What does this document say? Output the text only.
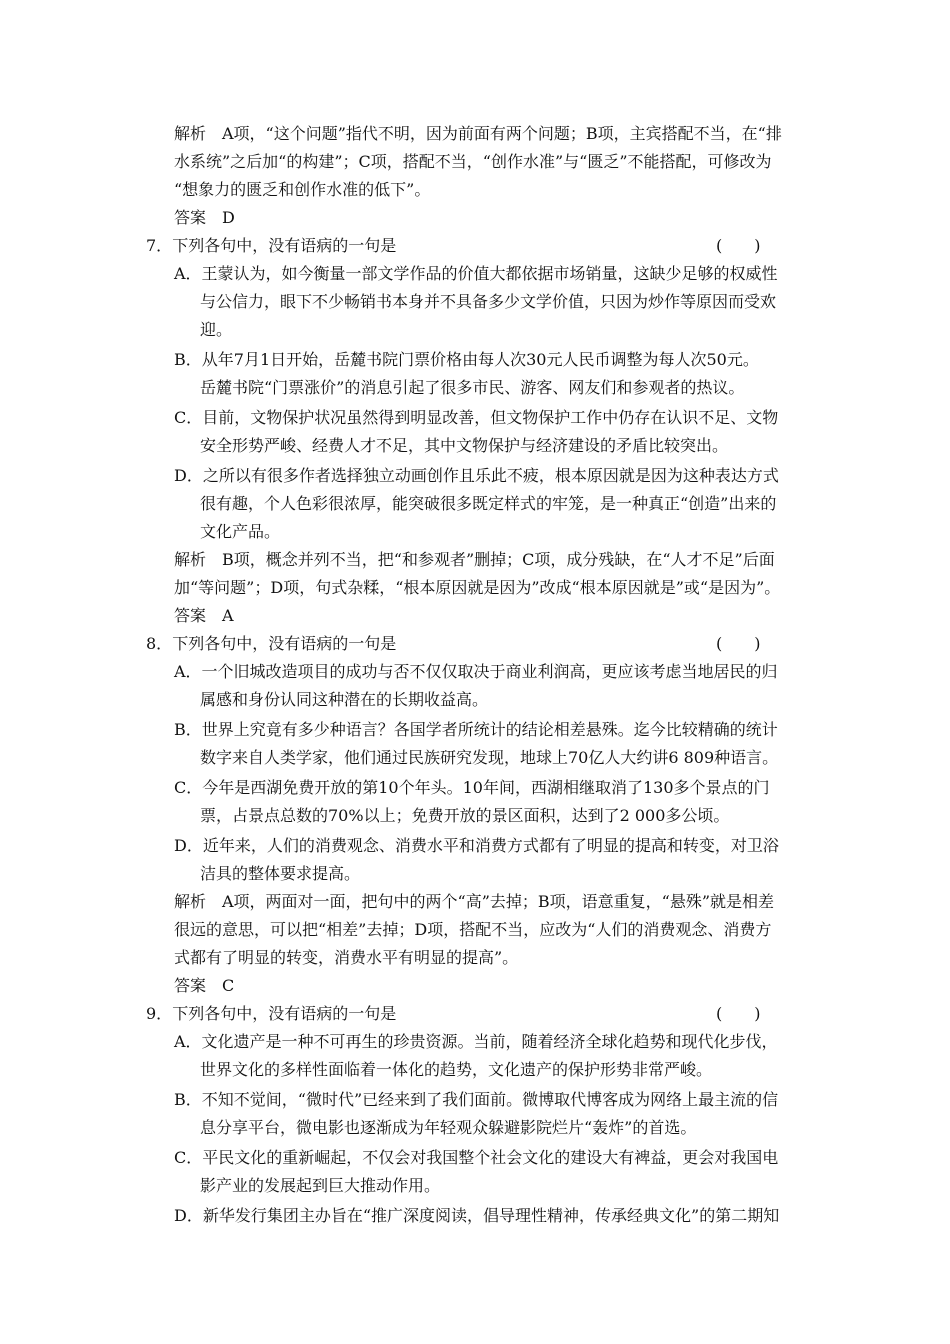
解析　A项，“这个问题”指代不明，因为前面有两个问题；B项，主宾搭配不当，在“排
水系统”之后加“的构建”；C项，搭配不当，“创作水准”与“匮乏”不能搭配，可修改为
“想象力的匮乏和创作水准的低下”。
答案　D
7．下列各句中，没有语病的一句是	(　　)
A．王蒙认为，如今衡量一部文学作品的价值大都依据市场销量，这缺少足够的权威性
与公信力，眼下不少畅销书本身并不具备多少文学价值，只因为炒作等原因而受欢
迎。
B．从年7月1日开始，岳麓书院门票价格由每人次30元人民币调整为每人次50元。
岳麓书院“门票涨价”的消息引起了很多市民、游客、网友们和参观者的热议。
C．目前，文物保护状况虽然得到明显改善，但文物保护工作中仍存在认识不足、文物
安全形势严峻、经费人才不足，其中文物保护与经济建设的矛盾比较突出。
D．之所以有很多作者选择独立动画创作且乐此不疲，根本原因就是因为这种表达方式
很有趣，个人色彩很浓厚，能突破很多既定样式的牢笼，是一种真正“创造”出来的
文化产品。
解析　B项，概念并列不当，把“和参观者”删掉；C项，成分残缺，在“人才不足”后面
加“等问题”；D项，句式杂糅，“根本原因就是因为”改成“根本原因就是”或“是因为”。
答案　A
8．下列各句中，没有语病的一句是	(　　)
A．一个旧城改造项目的成功与否不仅仅取决于商业利润高，更应该考虑当地居民的归
属感和身份认同这种潜在的长期收益高。
B．世界上究竟有多少种语言？各国学者所统计的结论相差悬殊。迄今比较精确的统计
数字来自人类学家，他们通过民族研究发现，地球上70亿人大约讲6 809种语言。
C．今年是西湖免费开放的第10个年头。10年间，西湖相继取消了130多个景点的门
票，占景点总数的70%以上；免费开放的景区面积，达到了2 000多公顷。
D．近年来，人们的消费观念、消费水平和消费方式都有了明显的提高和转变，对卫浴
洁具的整体要求提高。
解析　A项，两面对一面，把句中的两个“高”去掉；B项，语意重复，“悬殊”就是相差
很远的意思，可以把“相差”去掉；D项，搭配不当，应改为“人们的消费观念、消费方
式都有了明显的转变，消费水平有明显的提高”。
答案　C
9．下列各句中，没有语病的一句是	(　　)
A．文化遗产是一种不可再生的珍贵资源。当前，随着经济全球化趋势和现代化步伐，
世界文化的多样性面临着一体化的趋势，文化遗产的保护形势非常严峻。
B．不知不觉间，“微时代”已经来到了我们面前。微博取代博客成为网络上最主流的信
息分享平台，微电影也逐渐成为年轻观众躲避影院烂片“轰炸”的首选。
C．平民文化的重新崛起，不仅会对我国整个社会文化的建设大有裨益，更会对我国电
影产业的发展起到巨大推动作用。
D．新华发行集团主办旨在“推广深度阅读，倡导理性精神，传承经典文化”的第二期知
